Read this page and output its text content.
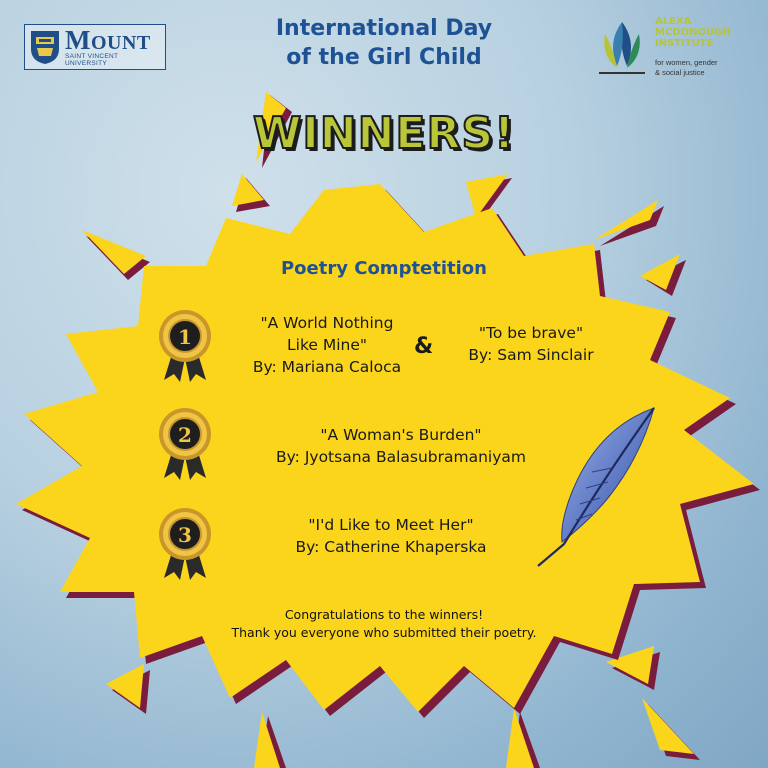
MOUNT
SAINT VINCENT
UNIVERSITY
International Day
of the Girl Child
ALEXA
MCDONOUGH
INSTITUTE
for women, gender
& social justice
WINNERS!
Poetry Comptetition
1
"A World Nothing
Like Mine"
By: Mariana Caloca
&
"To be brave"
By: Sam Sinclair
2	"A Woman's Burden"
By: Jyotsana Balasubramaniyam
3	"I'd Like to Meet Her"
By: Catherine Khaperska
Congratulations to the winners!
Thank you everyone who submitted their poetry.
